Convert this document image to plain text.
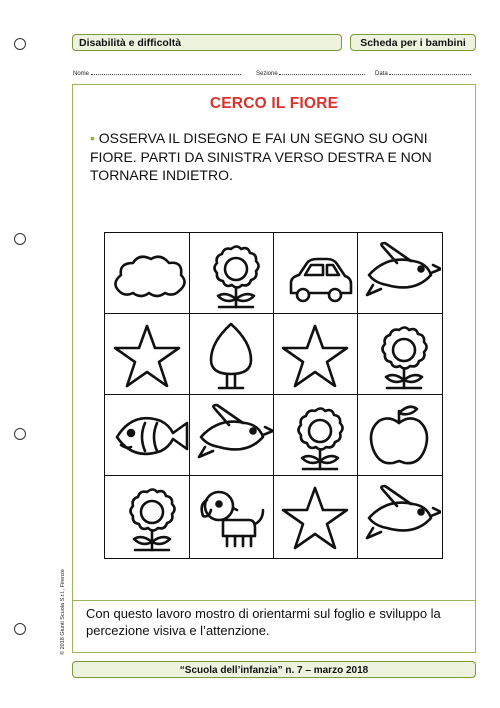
Disabilità e difficoltà	Scheda per i bambini
Nome	Sezione	Data
CERCO IL FIORE
• OSSERVA IL DISEGNO E FAI UN SEGNO SU OGNI FIORE. PARTI DA SINISTRA VERSO DESTRA E NON TORNARE INDIETRO.
Con questo lavoro mostro di orientarmi sul foglio e sviluppo la percezione visiva e l’attenzione.
© 2018 Giunti Scuola S.r.l., Firenze
“Scuola dell’infanzia” n. 7 – marzo 2018
